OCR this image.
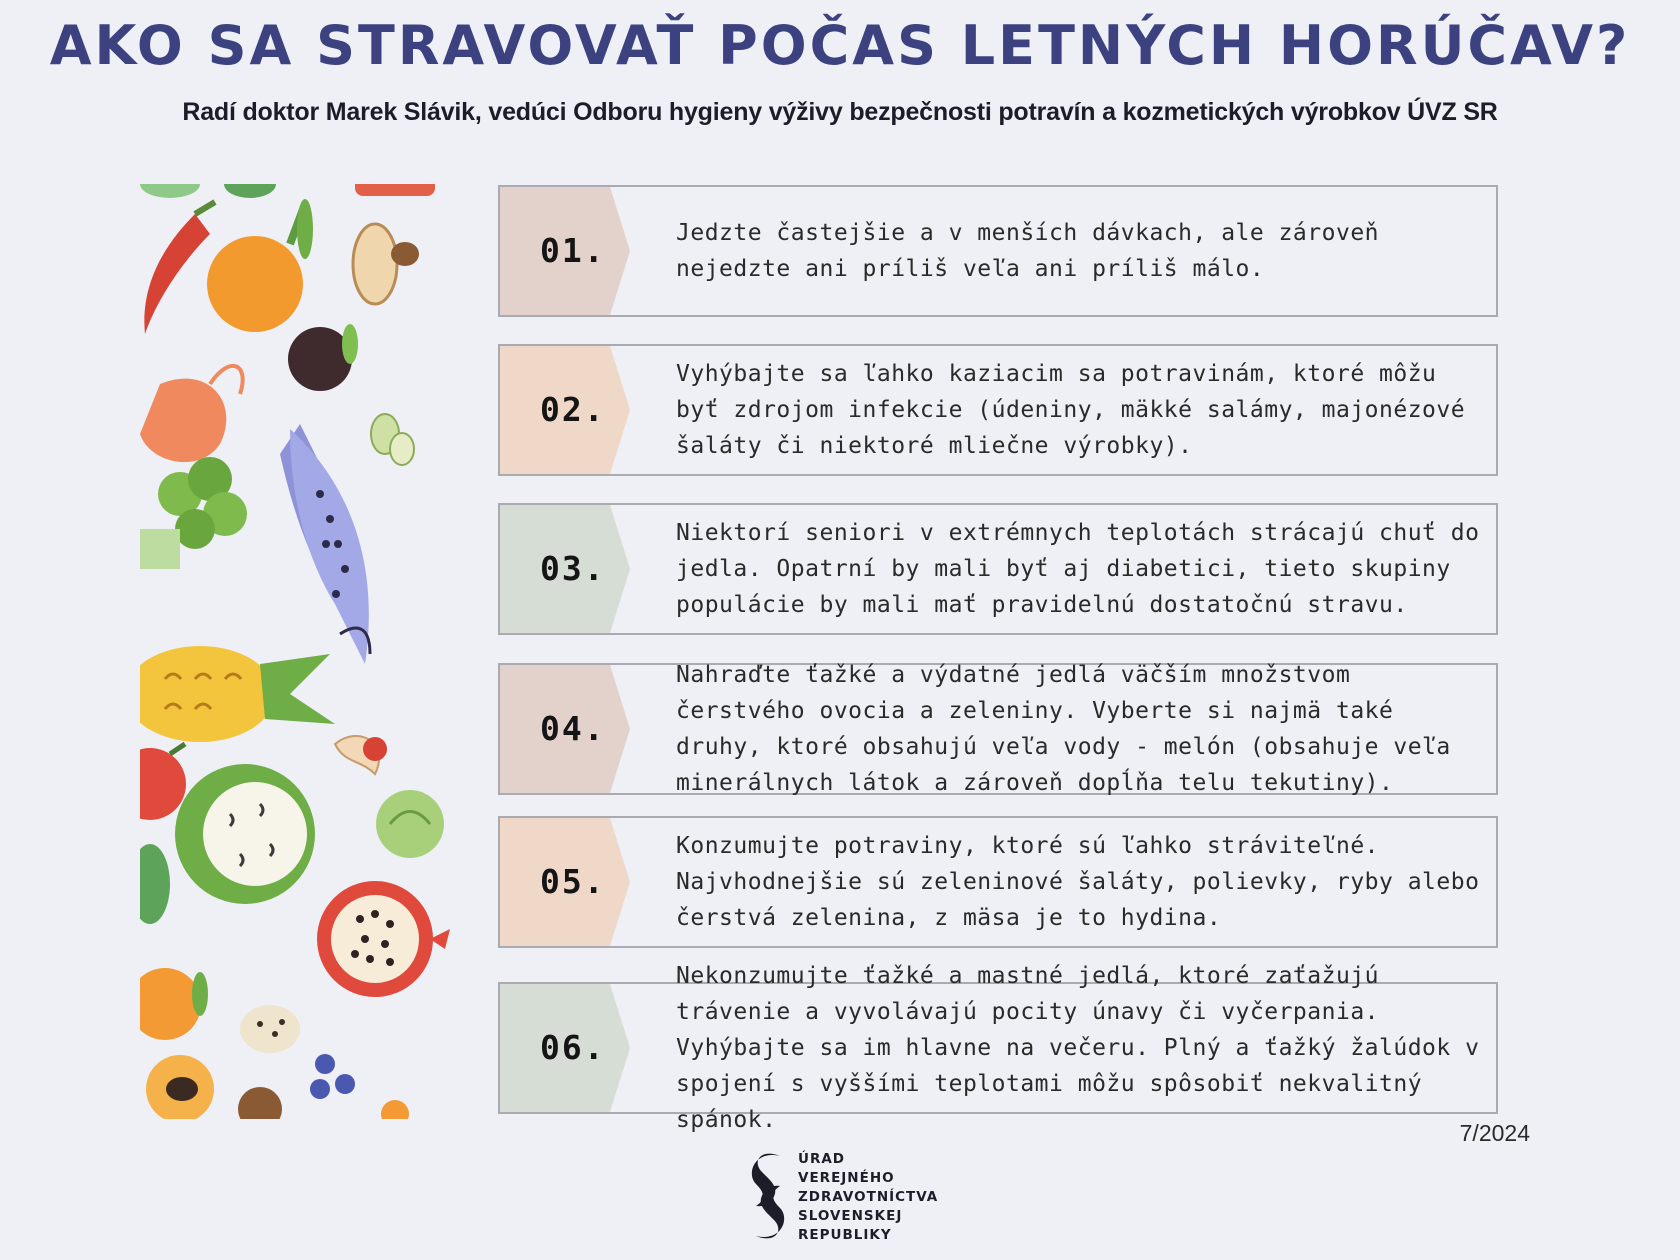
AKO SA STRAVOVAŤ POČAS LETNÝCH HORÚČAV?
Radí doktor Marek Slávik, vedúci Odboru hygieny výživy bezpečnosti potravín a kozmetických výrobkov ÚVZ SR
01.	Jedzte častejšie a v menších dávkach, ale zároveň nejedzte ani príliš veľa ani príliš málo.
02.
Vyhýbajte sa ľahko kaziacim sa potravinám, ktoré môžu byť zdrojom infekcie (údeniny, mäkké salámy, majonézové šaláty či niektoré mliečne výrobky).
03.
Niektorí seniori v extrémnych teplotách strácajú chuť do jedla. Opatrní by mali byť aj diabetici, tieto skupiny populácie by mali mať pravidelnú dostatočnú stravu.
04.
Nahraďte ťažké a výdatné jedlá väčším množstvom čerstvého ovocia a zeleniny. Vyberte si najmä také druhy, ktoré obsahujú veľa vody - melón (obsahuje veľa minerálnych látok a zároveň dopĺňa telu tekutiny).
05.
Konzumujte potraviny, ktoré sú ľahko stráviteľné. Najvhodnejšie sú zeleninové šaláty, polievky, ryby alebo čerstvá zelenina, z mäsa je to hydina.
06.
Nekonzumujte ťažké a mastné jedlá, ktoré zaťažujú trávenie a vyvolávajú pocity únavy či vyčerpania. Vyhýbajte sa im hlavne na večeru. Plný a ťažký žalúdok v spojení s vyššími teplotami môžu spôsobiť nekvalitný spánok.	7/2024
ÚRAD
VEREJNÉHO
ZDRAVOTNÍCTVA
SLOVENSKEJ
REPUBLIKY
